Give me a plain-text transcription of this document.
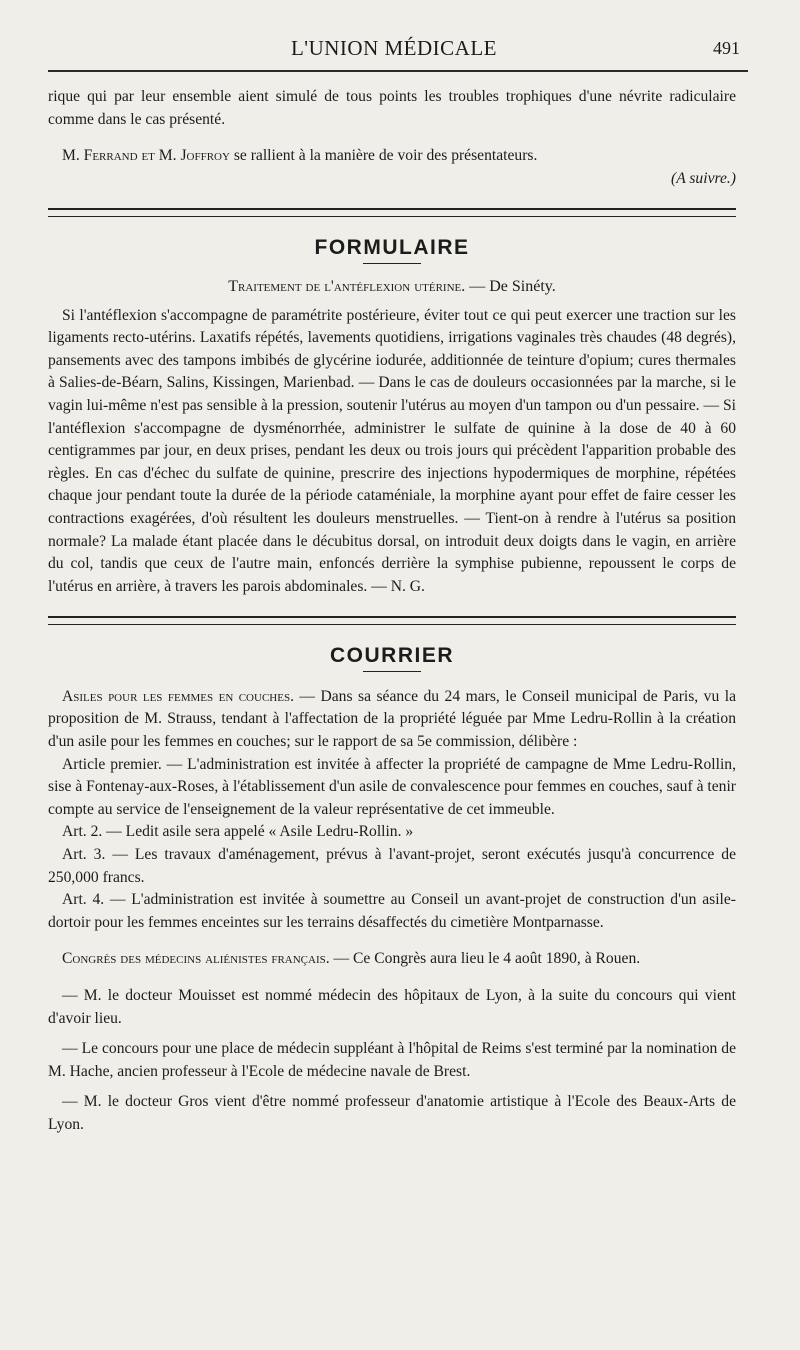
L'UNION MÉDICALE	491

rique qui par leur ensemble aient simulé de tous points les troubles trophiques d'une névrite radiculaire comme dans le cas présenté.

M. Ferrand et M. Joffroy se rallient à la manière de voir des présentateurs.

(A suivre.)

FORMULAIRE
Traitement de l'antéflexion utérine. — De Sinéty.

Si l'antéflexion s'accompagne de paramétrite postérieure, éviter tout ce qui peut exercer une traction sur les ligaments recto-utérins. Laxatifs répétés, lavements quotidiens, irrigations vaginales très chaudes (48 degrés), pansements avec des tampons imbibés de glycérine iodurée, additionnée de teinture d'opium; cures thermales à Salies-de-Béarn, Salins, Kissingen, Marienbad. — Dans le cas de douleurs occasionnées par la marche, si le vagin lui-même n'est pas sensible à la pression, soutenir l'utérus au moyen d'un tampon ou d'un pessaire. — Si l'antéflexion s'accompagne de dysménorrhée, administrer le sulfate de quinine à la dose de 40 à 60 centigrammes par jour, en deux prises, pendant les deux ou trois jours qui précèdent l'apparition probable des règles. En cas d'échec du sulfate de quinine, prescrire des injections hypodermiques de morphine, répétées chaque jour pendant toute la durée de la période cataméniale, la morphine ayant pour effet de faire cesser les contractions exagérées, d'où résultent les douleurs menstruelles. — Tient-on à rendre à l'utérus sa position normale? La malade étant placée dans le décubitus dorsal, on introduit deux doigts dans le vagin, en arrière du col, tandis que ceux de l'autre main, enfoncés derrière la symphise pubienne, repoussent le corps de l'utérus en arrière, à travers les parois abdominales. — N. G.

COURRIER

Asiles pour les femmes en couches. — Dans sa séance du 24 mars, le Conseil municipal de Paris, vu la proposition de M. Strauss, tendant à l'affectation de la propriété léguée par Mme Ledru-Rollin à la création d'un asile pour les femmes en couches; sur le rapport de sa 5e commission, délibère :

Article premier. — L'administration est invitée à affecter la propriété de campagne de Mme Ledru-Rollin, sise à Fontenay-aux-Roses, à l'établissement d'un asile de convalescence pour femmes en couches, sauf à tenir compte au service de l'enseignement de la valeur représentative de cet immeuble.

Art. 2. — Ledit asile sera appelé « Asile Ledru-Rollin. »

Art. 3. — Les travaux d'aménagement, prévus à l'avant-projet, seront exécutés jusqu'à concurrence de 250,000 francs.

Art. 4. — L'administration est invitée à soumettre au Conseil un avant-projet de construction d'un asile-dortoir pour les femmes enceintes sur les terrains désaffectés du cimetière Montparnasse.

Congrès des médecins aliénistes français. — Ce Congrès aura lieu le 4 août 1890, à Rouen.

— M. le docteur Mouisset est nommé médecin des hôpitaux de Lyon, à la suite du concours qui vient d'avoir lieu.

— Le concours pour une place de médecin suppléant à l'hôpital de Reims s'est terminé par la nomination de M. Hache, ancien professeur à l'Ecole de médecine navale de Brest.

— M. le docteur Gros vient d'être nommé professeur d'anatomie artistique à l'Ecole des Beaux-Arts de Lyon.
